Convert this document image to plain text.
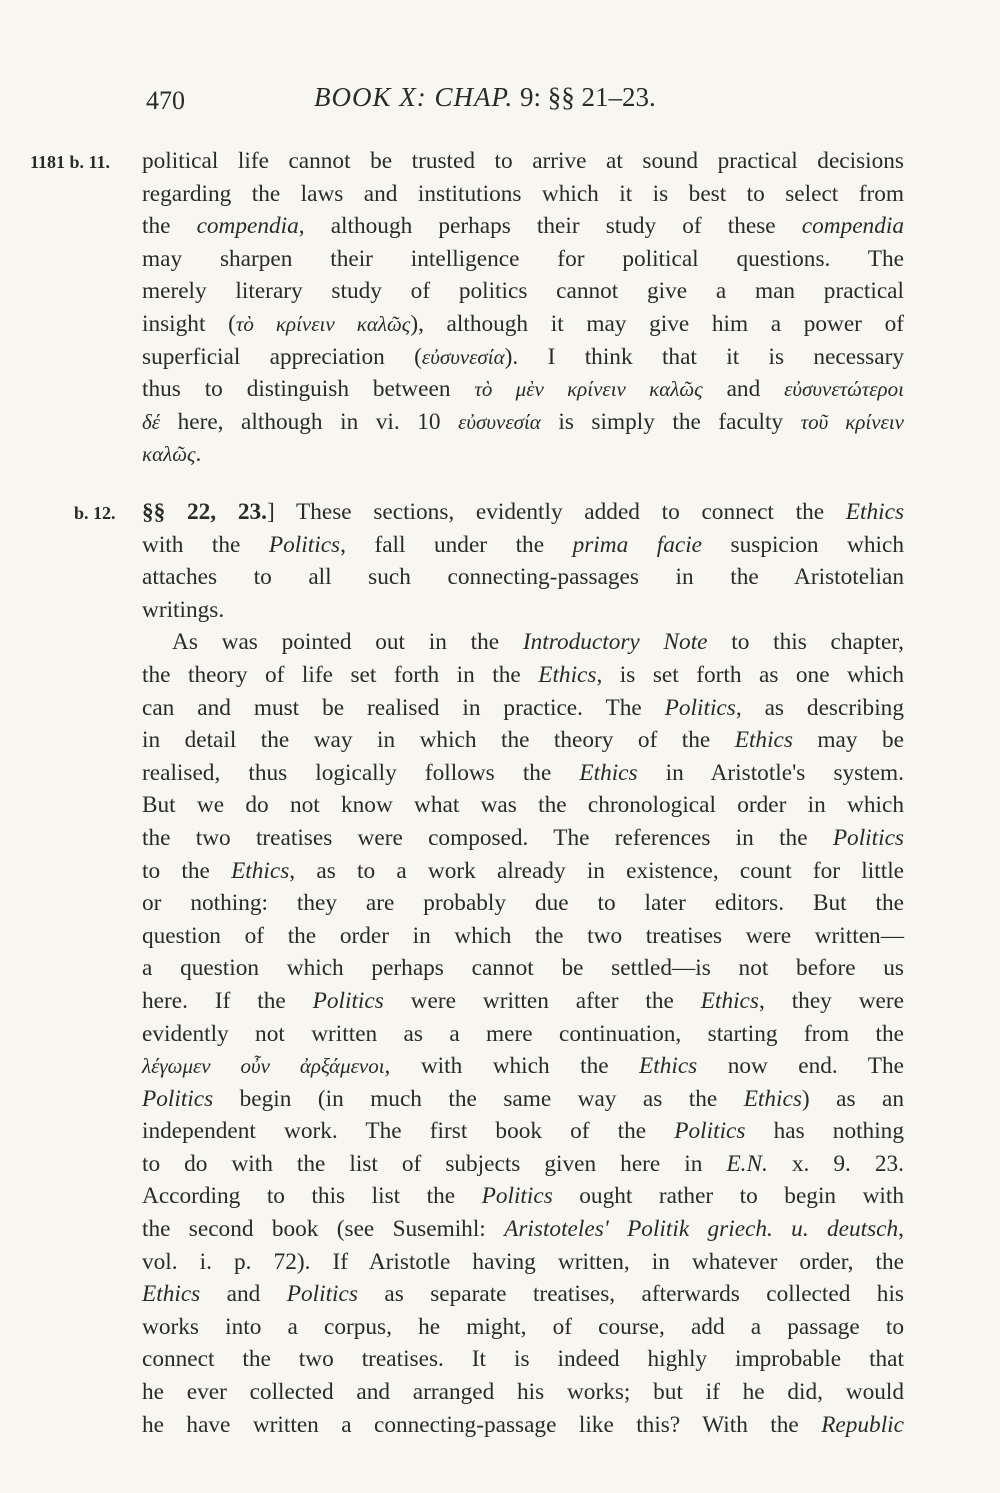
470	BOOK X: CHAP. 9: §§ 21–23.
1181 b. 11.
b. 12.
political life cannot be trusted to arrive at sound practical decisions
regarding the laws and institutions which it is best to select from
the compendia, although perhaps their study of these compendia
may sharpen their intelligence for political questions. The
merely literary study of politics cannot give a man practical
insight (τὸ κρίνειν καλῶς), although it may give him a power of
superficial appreciation (εὐσυνεσία). I think that it is necessary
thus to distinguish between τὸ μὲν κρίνειν καλῶς and εὐσυνετώτεροι
δέ here, although in vi. 10 εὐσυνεσία is simply the faculty τοῦ κρίνειν
καλῶς.
§§ 22, 23.] These sections, evidently added to connect the Ethics
with the Politics, fall under the prima facie suspicion which
attaches to all such connecting-passages in the Aristotelian
writings.
As was pointed out in the Introductory Note to this chapter,
the theory of life set forth in the Ethics, is set forth as one which
can and must be realised in practice. The Politics, as describing
in detail the way in which the theory of the Ethics may be
realised, thus logically follows the Ethics in Aristotle's system.
But we do not know what was the chronological order in which
the two treatises were composed. The references in the Politics
to the Ethics, as to a work already in existence, count for little
or nothing: they are probably due to later editors. But the
question of the order in which the two treatises were written—
a question which perhaps cannot be settled—is not before us
here. If the Politics were written after the Ethics, they were
evidently not written as a mere continuation, starting from the
λέγωμεν οὖν ἀρξάμενοι, with which the Ethics now end. The
Politics begin (in much the same way as the Ethics) as an
independent work. The first book of the Politics has nothing
to do with the list of subjects given here in E.N. x. 9. 23.
According to this list the Politics ought rather to begin with
the second book (see Susemihl: Aristoteles' Politik griech. u. deutsch,
vol. i. p. 72). If Aristotle having written, in whatever order, the
Ethics and Politics as separate treatises, afterwards collected his
works into a corpus, he might, of course, add a passage to
connect the two treatises. It is indeed highly improbable that
he ever collected and arranged his works; but if he did, would
he have written a connecting-passage like this? With the Republic
